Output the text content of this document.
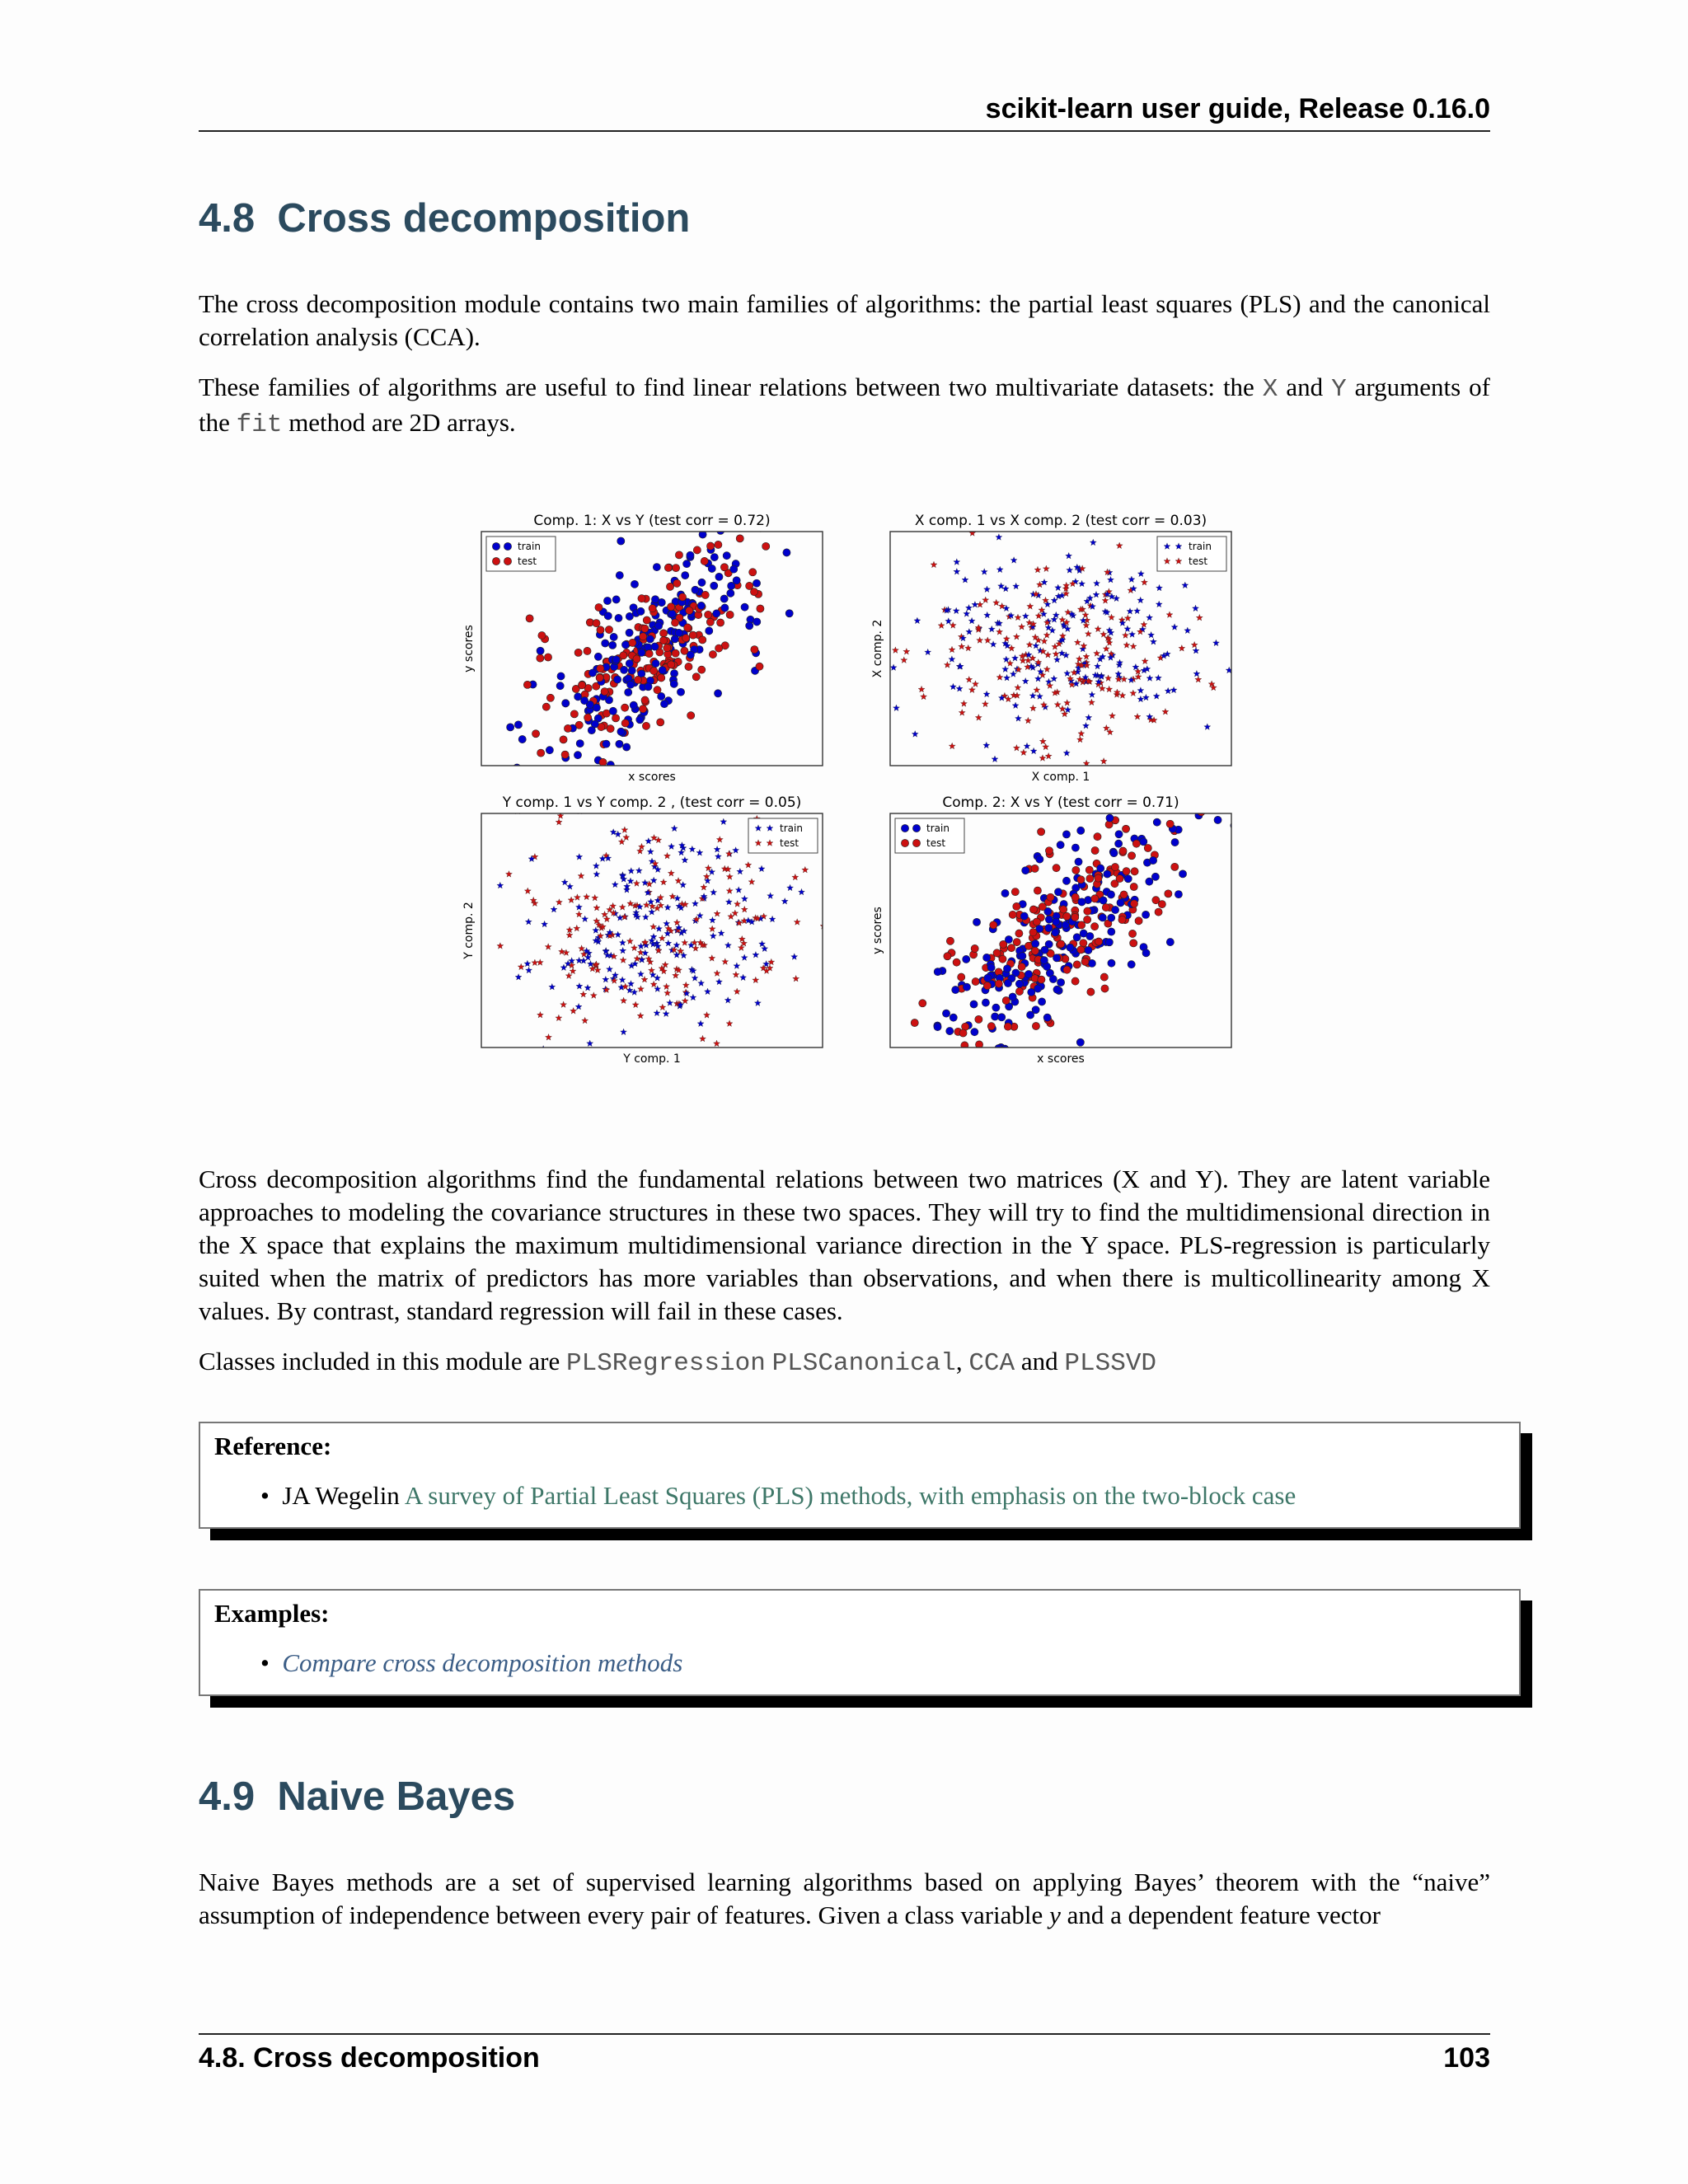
scikit-learn user guide, Release 0.16.0
4.8 Cross decomposition
The cross decomposition module contains two main families of algorithms: the partial least squares (PLS) and the canonical correlation analysis (CCA).
These families of algorithms are useful to find linear relations between two multivariate datasets: the X and Y arguments of the fit method are 2D arrays.
Comp. 1: X vs Y (test corr = 0.72)
x scores
y scores
train
test
X comp. 1 vs X comp. 2 (test corr = 0.03)
X comp. 1
X comp. 2
train
test
Y comp. 1 vs Y comp. 2 , (test corr = 0.05)
Y comp. 1
Y comp. 2
train
test
Comp. 2: X vs Y (test corr = 0.71)
x scores
y scores
train
test
Cross decomposition algorithms find the fundamental relations between two matrices (X and Y). They are latent variable approaches to modeling the covariance structures in these two spaces. They will try to find the multidimensional direction in the X space that explains the maximum multidimensional variance direction in the Y space. PLS-regression is particularly suited when the matrix of predictors has more variables than observations, and when there is multicollinearity among X values. By contrast, standard regression will fail in these cases.
Classes included in this module are PLSRegression PLSCanonical, CCA and PLSSVD
Reference:
•  JA Wegelin A survey of Partial Least Squares (PLS) methods, with emphasis on the two-block case
Examples:
•  Compare cross decomposition methods
4.9 Naive Bayes
Naive Bayes methods are a set of supervised learning algorithms based on applying Bayes’ theorem with the “naive” assumption of independence between every pair of features. Given a class variable y and a dependent feature vector
4.8. Cross decomposition	103
